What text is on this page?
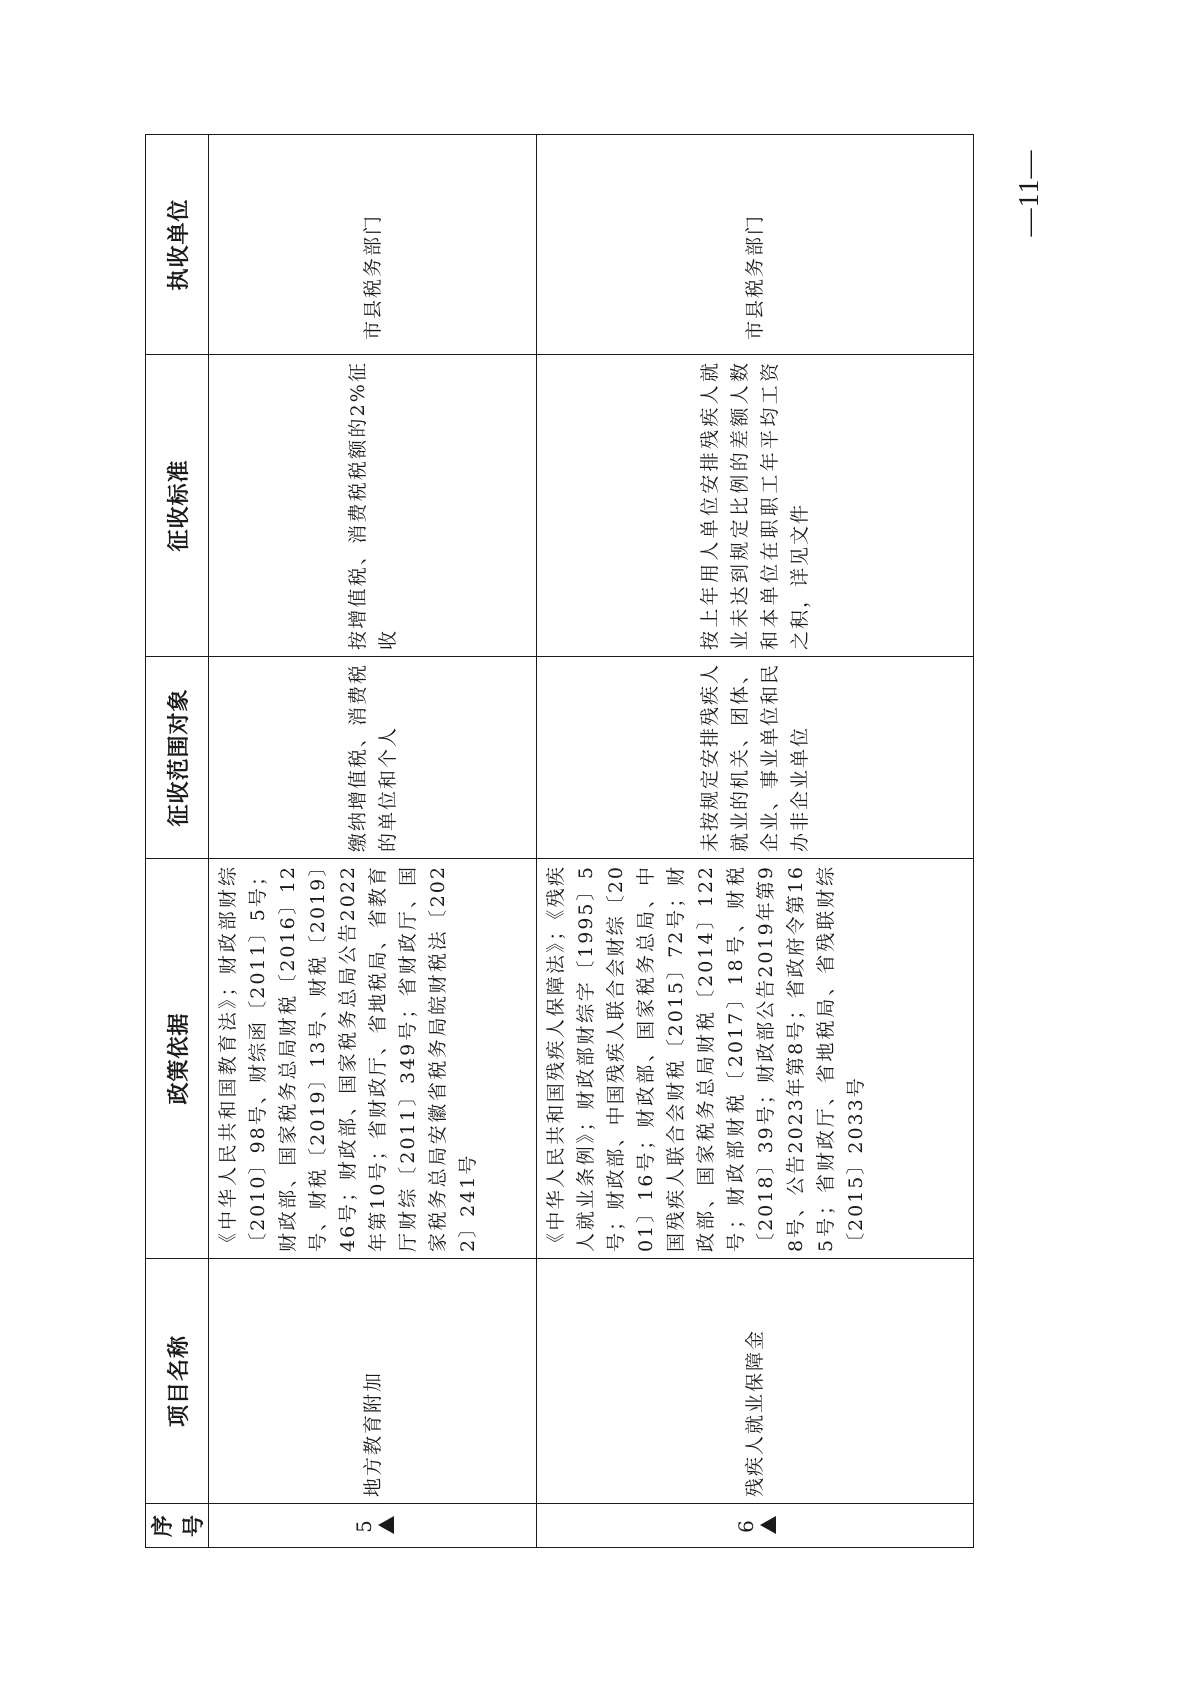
序号	项目名称	政策依据	征收范围对象	征收标准	执收单位

5	地方教育附加	《中华人民共和国教育法》；财政部财综〔2010〕98号、财综函〔2011〕5号；财政部、国家税务总局财税〔2016〕12号、财税〔2019〕13号、财税〔2019〕46号；财政部、国家税务总局公告2022年第10号；省财政厅、省地税局、省教育厅财综〔2011〕349号；省财政厅、国家税务总局安徽省税务局皖财税法〔2022〕241号	缴纳增值税、消费税的单位和个人	按增值税、消费税税额的2%征收	市县税务部门

6	残疾人就业保障金	《中华人民共和国残疾人保障法》；《残疾人就业条例》；财政部财综字〔1995〕5号；财政部、中国残疾人联合会财综〔2001〕16号；财政部、国家税务总局、中国残疾人联合会财税〔2015〕72号；财政部、国家税务总局财税〔2014〕122号；财政部财税〔2017〕18号、财税〔2018〕39号；财政部公告2019年第98号、公告2023年第8号；省政府令第165号；省财政厅、省地税局、省残联财综〔2015〕2033号	未按规定安排残疾人就业的机关、团体、企业、事业单位和民办非企业单位	按上年用人单位安排残疾人就业未达到规定比例的差额人数和本单位在职职工年平均工资之积，详见文件	市县税务部门
—11—
